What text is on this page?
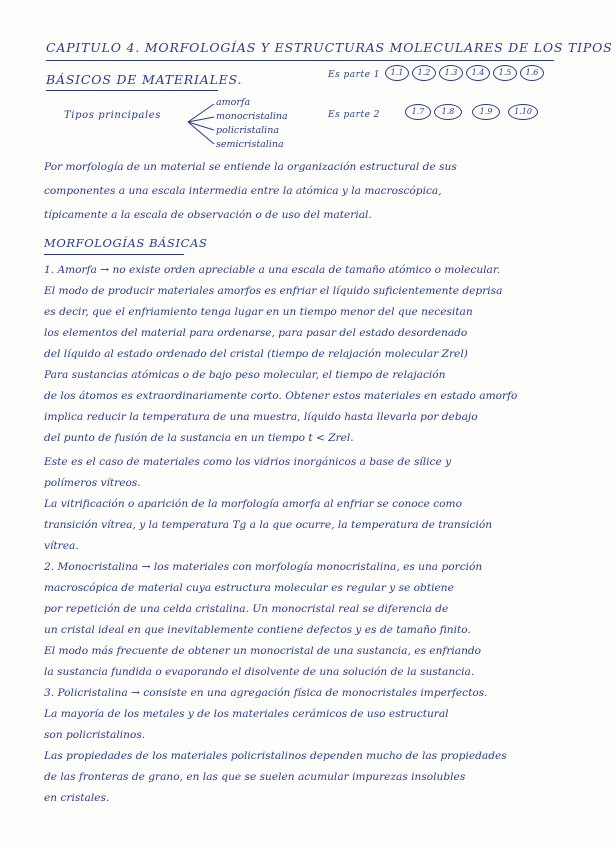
CAPITULO 4. MORFOLOGÍAS Y ESTRUCTURAS MOLECULARES DE LOS TIPOS
BÁSICOS DE MATERIALES.	Es parte 1	1.1	1.2	1.3	1.4	1.5	1.6
Es parte 2	1.7	1.8	1.9	1.10
Tipos principales
amorfa
monocristalina
policristalina
semicristalina
Por morfología de un material se entiende la organización estructural de sus
componentes a una escala intermedia entre la atómica y la macroscópica,
típicamente a la escala de observación o de uso del material.
MORFOLOGÍAS BÁSICAS
1. Amorfa → no existe orden apreciable a una escala de tamaño atómico o molecular.
El modo de producir materiales amorfos es enfriar el líquido suficientemente deprisa
es decir, que el enfriamiento tenga lugar en un tiempo menor del que necesitan
los elementos del material para ordenarse, para pasar del estado desordenado
del líquido al estado ordenado del cristal (tiempo de relajación molecular Zrel)
Para sustancias atómicas o de bajo peso molecular, el tiempo de relajación
de los átomos es extraordinariamente corto. Obtener estos materiales en estado amorfo
implica reducir la temperatura de una muestra, líquido hasta llevarla por debajo
del punto de fusión de la sustancia en un tiempo t < Zrel.
Este es el caso de materiales como los vidrios inorgánicos a base de sílice y
polímeros vítreos.
La vitrificación o aparición de la morfología amorfa al enfriar se conoce como
transición vítrea, y la temperatura Tg a la que ocurre, la temperatura de transición
vítrea.
2. Monocristalina → los materiales con morfología monocristalina, es una porción
macroscópica de material cuya estructura molecular es regular y se obtiene
por repetición de una celda cristalina. Un monocristal real se diferencia de
un cristal ideal en que inevitablemente contiene defectos y es de tamaño finito.
El modo más frecuente de obtener un monocristal de una sustancia, es enfriando
la sustancia fundida o evaporando el disolvente de una solución de la sustancia.
3. Policristalina → consiste en una agregación física de monocristales imperfectos.
La mayoría de los metales y de los materiales cerámicos de uso estructural
son policristalinos.
Las propiedades de los materiales policristalinos dependen mucho de las propiedades
de las fronteras de grano, en las que se suelen acumular impurezas insolubles
en cristales.
